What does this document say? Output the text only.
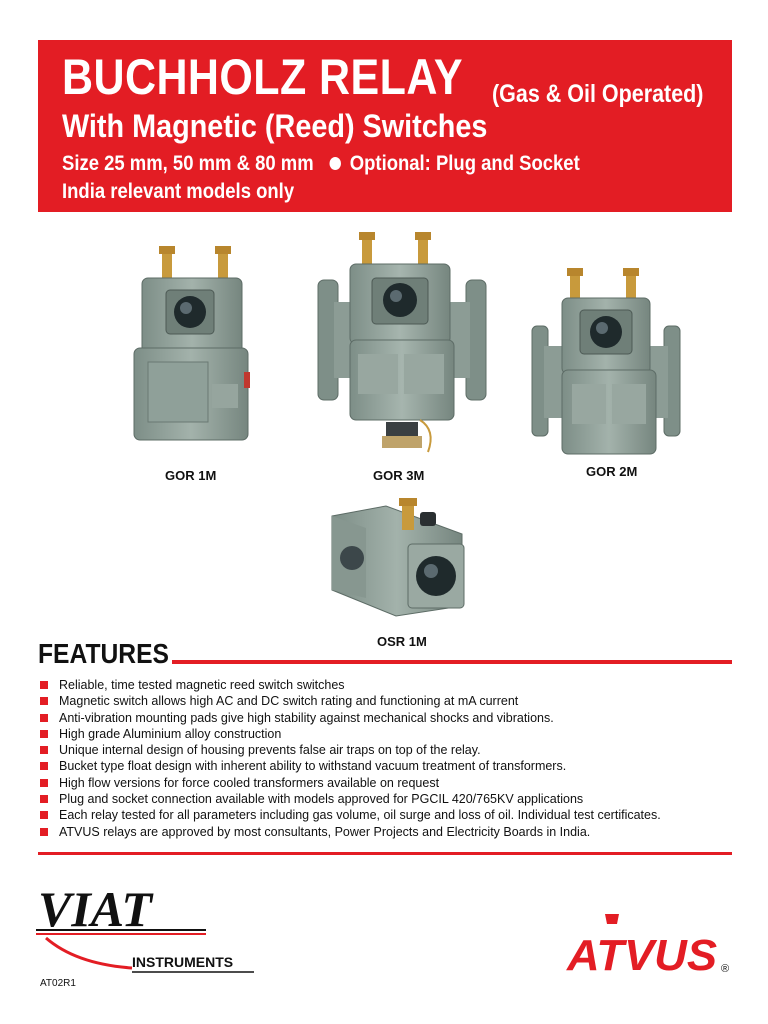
BUCHHOLZ RELAY (Gas & Oil Operated)
With Magnetic (Reed) Switches
Size 25 mm, 50 mm & 80 mm Optional: Plug and Socket
India relevant models only
GOR 1M	GOR 3M	GOR 2M
OSR 1M
FEATURES
Reliable, time tested magnetic reed switch switches
Magnetic switch allows high AC and DC switch rating and functioning at mA current
Anti-vibration mounting pads give high stability against mechanical shocks and vibrations.
High grade Aluminium alloy construction
Unique internal design of housing prevents false air traps on top of the relay.
Bucket type float design with inherent ability to withstand vacuum treatment of transformers.
High flow versions for force cooled transformers available on request
Plug and socket connection available with models approved for PGCIL 420/765KV applications
Each relay tested for all parameters including gas volume, oil surge and loss of oil. Individual test certificates.
ATVUS relays are approved by most consultants, Power Projects and Electricity Boards in India.
VIAT
INSTRUMENTS	ATVUS ®
AT02R1
